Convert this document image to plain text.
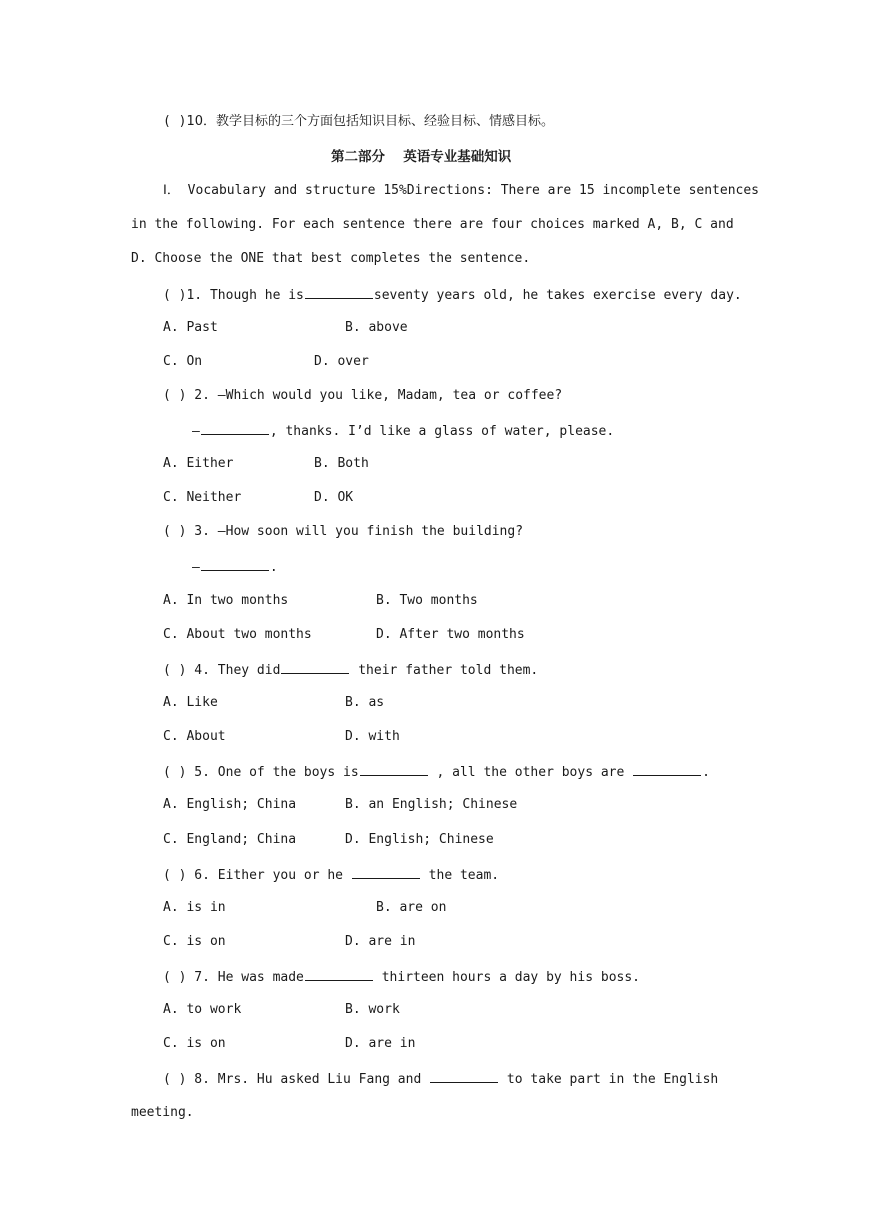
( )10．教学目标的三个方面包括知识目标、经验目标、情感目标。
第二部分　 英语专业基础知识
Ⅰ． Vocabulary and structure 15%Directions: There are 15 incomplete sentences
in the following. For each sentence there are four choices marked A, B, C and
D. Choose the ONE that best completes the sentence.
( )1. Though he is	seventy years old, he takes exercise every day.
A. Past	B. above
C. On	D. over
( ) 2. —Which would you like, Madam, tea or coffee?
—	, thanks. I’d like a glass of water, please.
A. Either	B. Both
C. Neither	D. OK
( ) 3. —How soon will you finish the building?
—	.
A. In two months	B. Two months
C. About two months	D. After two months
( ) 4. They did	their father told them.
A. Like	B. as
C. About	D. with
( ) 5. One of the boys is	, all the other boys are	.
A. English; China	B. an English; Chinese
C. England; China	D. English; Chinese
( ) 6. Either you or he	the team.
A. is in	B. are on
C. is on	D. are in
( ) 7. He was made	thirteen hours a day by his boss.
A. to work	B. work
C. is on	D. are in
( ) 8. Mrs. Hu asked Liu Fang and	to take part in the English
meeting.
